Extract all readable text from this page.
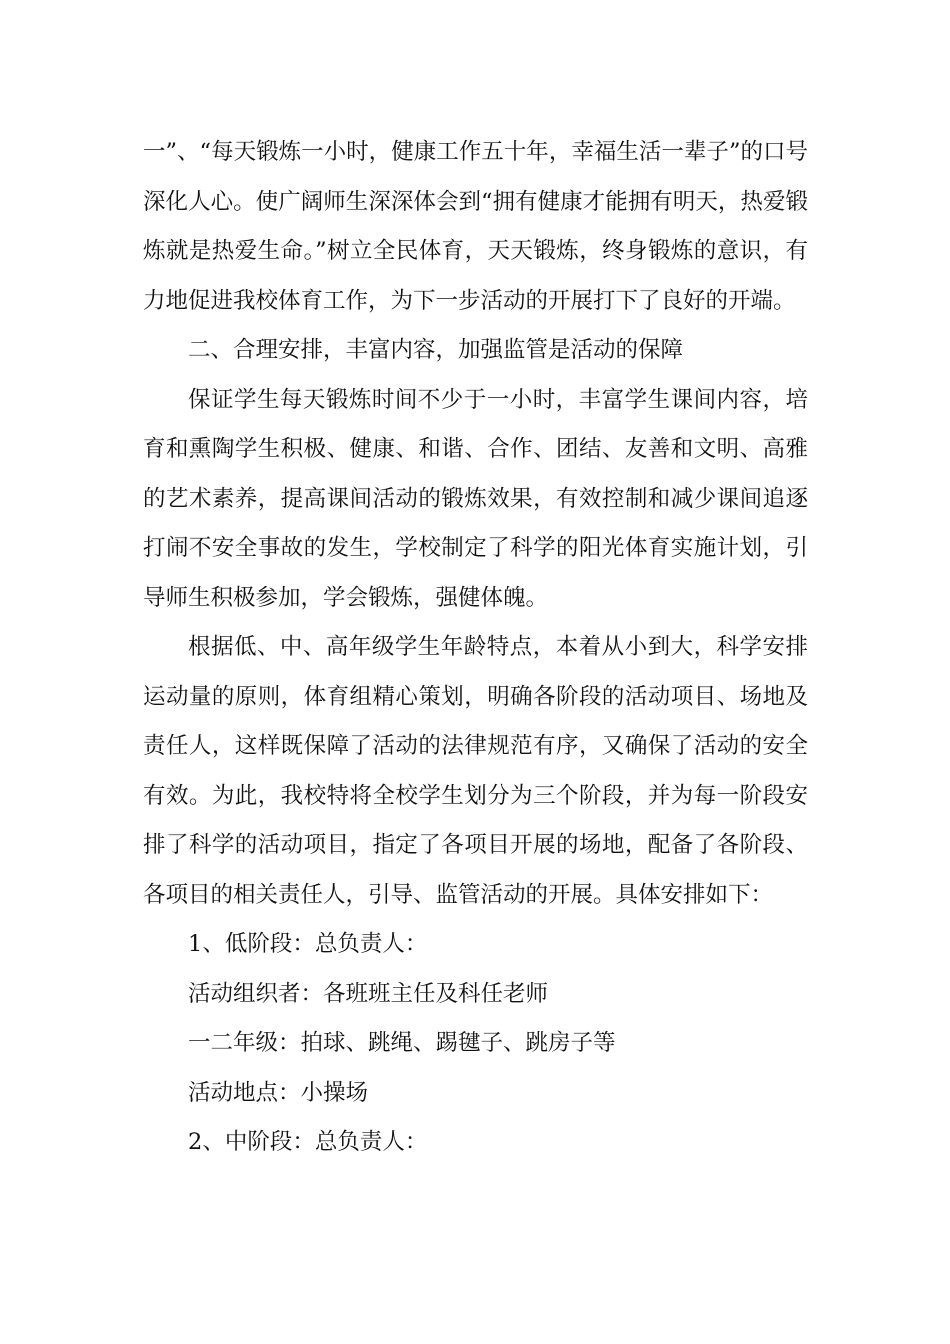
一”、“每天锻炼一小时，健康工作五十年，幸福生活一辈子”的口号深化人心。使广阔师生深深体会到“拥有健康才能拥有明天，热爱锻炼就是热爱生命。”树立全民体育，天天锻炼，终身锻炼的意识，有力地促进我校体育工作，为下一步活动的开展打下了良好的开端。

二、合理安排，丰富内容，加强监管是活动的保障

保证学生每天锻炼时间不少于一小时，丰富学生课间内容，培育和熏陶学生积极、健康、和谐、合作、团结、友善和文明、高雅的艺术素养，提高课间活动的锻炼效果，有效控制和减少课间追逐打闹不安全事故的发生，学校制定了科学的阳光体育实施计划，引导师生积极参加，学会锻炼，强健体魄。

根据低、中、高年级学生年龄特点，本着从小到大，科学安排运动量的原则，体育组精心策划，明确各阶段的活动项目、场地及责任人，这样既保障了活动的法律规范有序，又确保了活动的安全有效。为此，我校特将全校学生划分为三个阶段，并为每一阶段安排了科学的活动项目，指定了各项目开展的场地，配备了各阶段、各项目的相关责任人，引导、监管活动的开展。具体安排如下：

1、低阶段：总负责人：

活动组织者：各班班主任及科任老师

一二年级：拍球、跳绳、踢毽子、跳房子等

活动地点：小操场

2、中阶段：总负责人：
